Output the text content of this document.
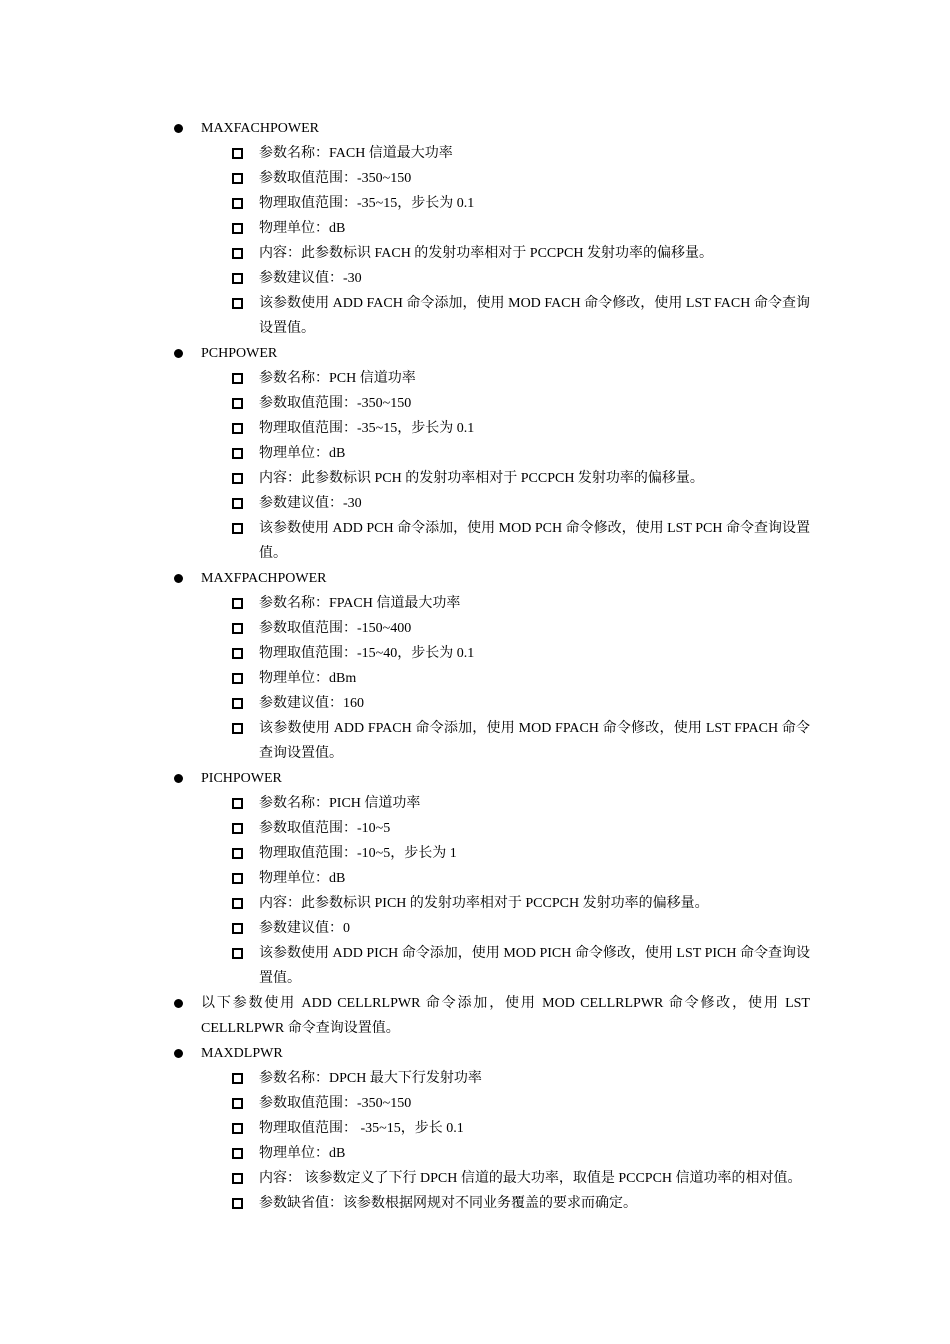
MAXFACHPOWER
参数名称：FACH 信道最大功率
参数取值范围：-350~150
物理取值范围：-35~15，步长为 0.1
物理单位：dB
内容：此参数标识 FACH 的发射功率相对于 PCCPCH 发射功率的偏移量。
参数建议值：-30
该参数使用 ADD FACH 命令添加，使用 MOD FACH 命令修改，使用 LST FACH 命令查询设置值。
PCHPOWER
参数名称：PCH 信道功率
参数取值范围：-350~150
物理取值范围：-35~15，步长为 0.1
物理单位：dB
内容：此参数标识 PCH 的发射功率相对于 PCCPCH 发射功率的偏移量。
参数建议值：-30
该参数使用 ADD PCH 命令添加，使用 MOD PCH 命令修改，使用 LST PCH 命令查询设置值。
MAXFPACHPOWER
参数名称：FPACH 信道最大功率
参数取值范围：-150~400
物理取值范围：-15~40，步长为 0.1
物理单位：dBm
参数建议值：160
该参数使用 ADD FPACH 命令添加，使用 MOD FPACH 命令修改，使用 LST FPACH 命令查询设置值。
PICHPOWER
参数名称：PICH 信道功率
参数取值范围：-10~5
物理取值范围：-10~5，步长为 1
物理单位：dB
内容：此参数标识 PICH 的发射功率相对于 PCCPCH 发射功率的偏移量。
参数建议值：0
该参数使用 ADD PICH 命令添加，使用 MOD PICH 命令修改，使用 LST PICH 命令查询设置值。
以下参数使用 ADD CELLRLPWR 命令添加，使用 MOD CELLRLPWR 命令修改，使用 LST CELLRLPWR 命令查询设置值。
MAXDLPWR
参数名称：DPCH 最大下行发射功率
参数取值范围：-350~150
物理取值范围： -35~15，步长 0.1
物理单位：dB
内容： 该参数定义了下行 DPCH 信道的最大功率，取值是 PCCPCH 信道功率的相对值。
参数缺省值：该参数根据网规对不同业务覆盖的要求而确定。
